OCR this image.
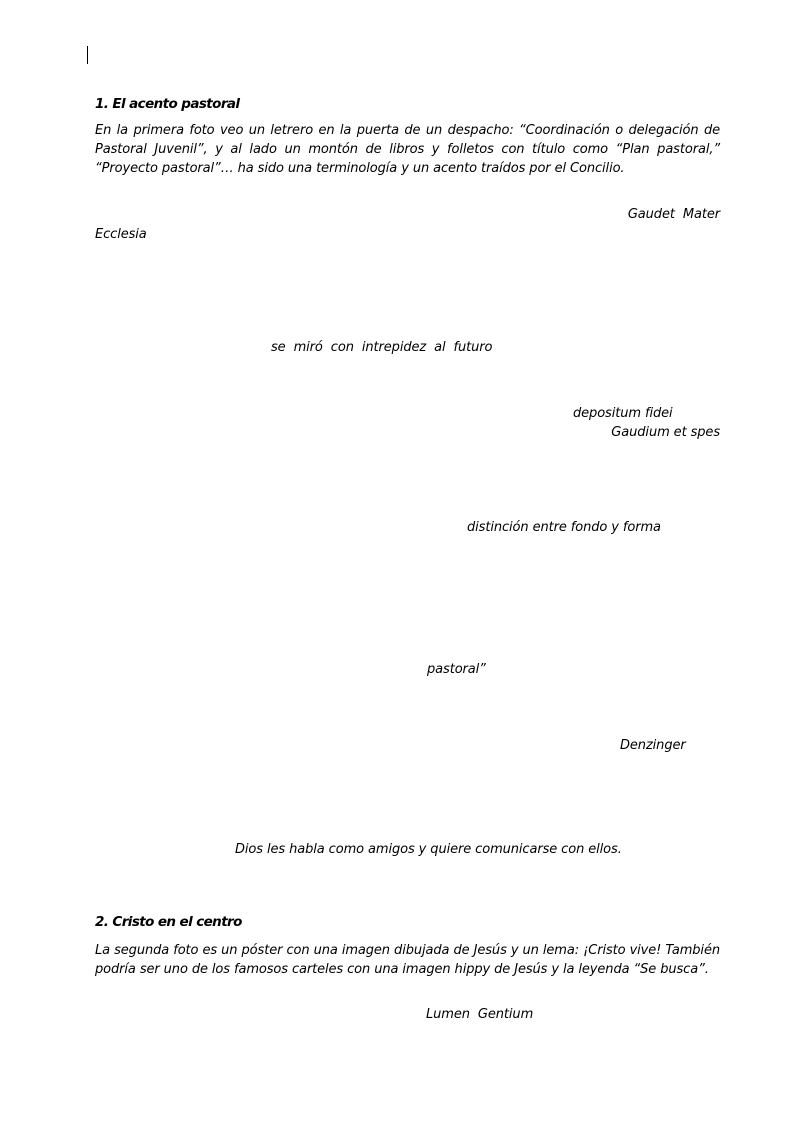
1. El acento pastoral
En la primera foto veo un letrero en la puerta de un despacho: “Coordinación o delegación de Pastoral Juvenil”, y al lado un montón de libros y folletos con título como “Plan pastoral,” “Proyecto pastoral”… ha sido una terminología y un acento traídos por el Concilio.
Gaudet Mater
Ecclesia
se miró con intrepidez al futuro
depositum fidei
Gaudium et spes
distinción entre fondo y forma
pastoral”
Denzinger
Dios les habla como amigos y quiere comunicarse con ellos.
2. Cristo en el centro
La segunda foto es un póster con una imagen dibujada de Jesús y un lema: ¡Cristo vive! También podría ser uno de los famosos carteles con una imagen hippy de Jesús y la leyenda “Se busca”.
Lumen Gentium
